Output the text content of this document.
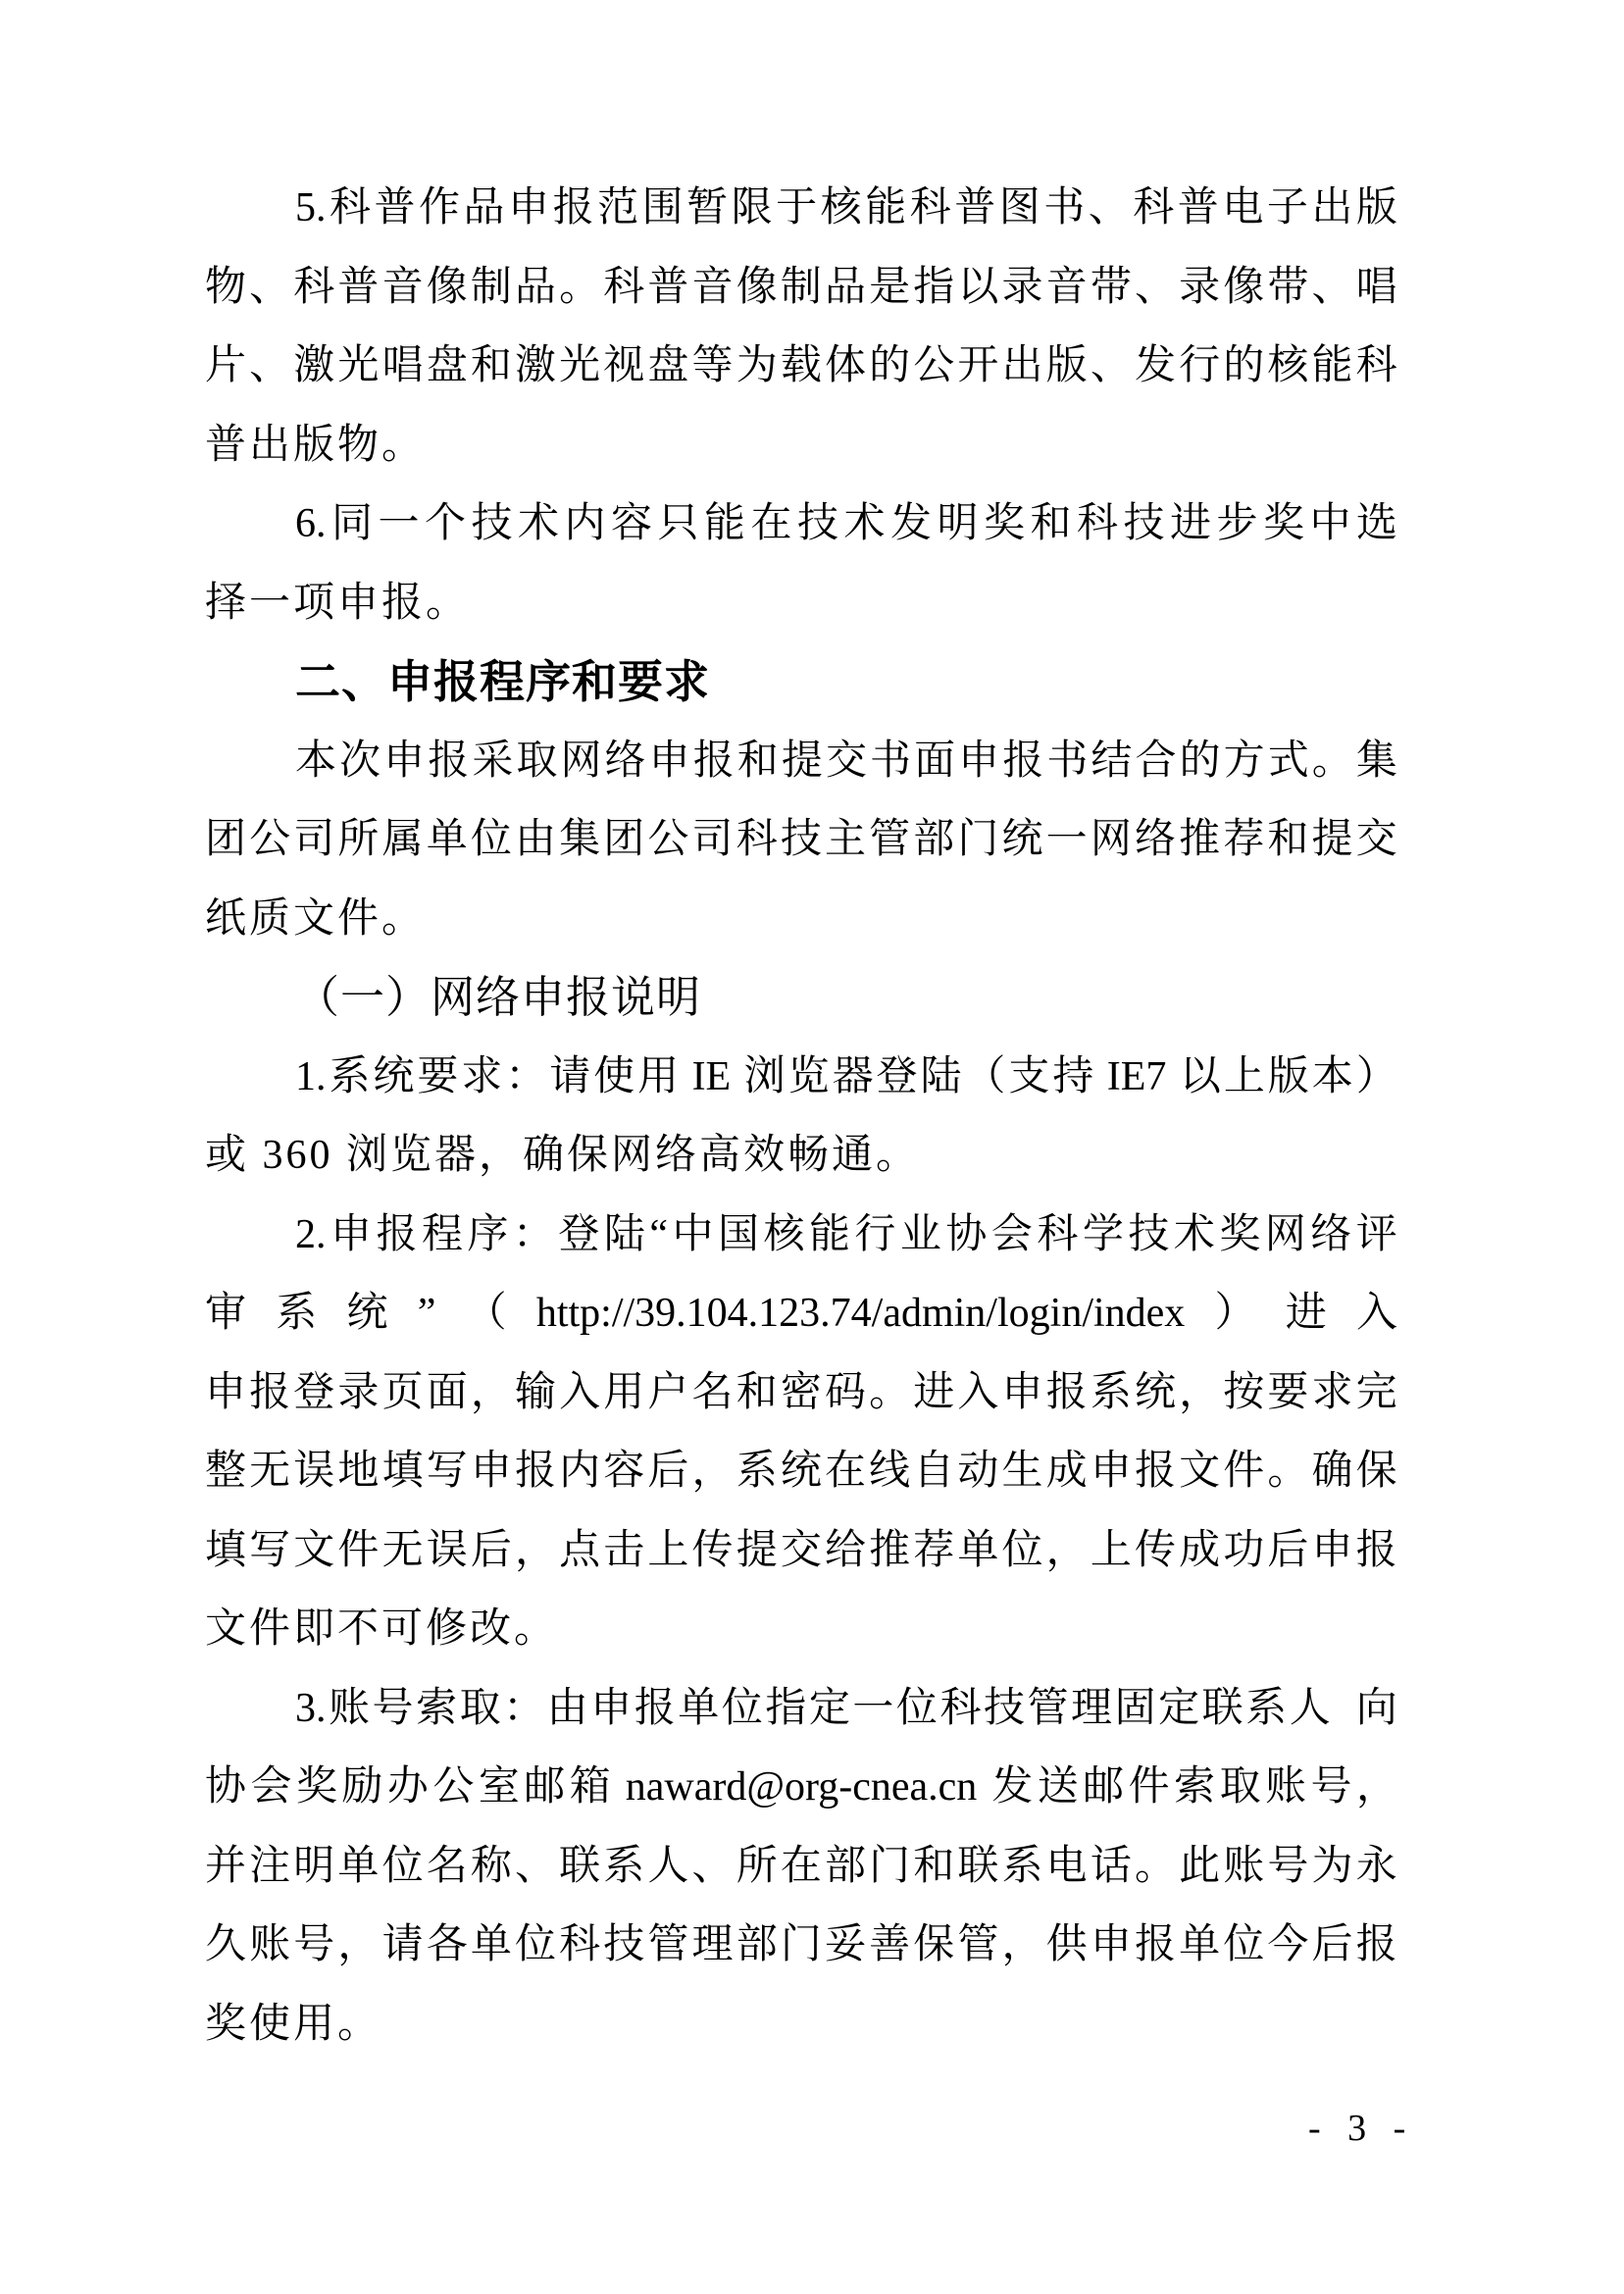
5. 科 普 作 品 申 报 范 围 暂 限 于 核 能 科 普 图 书 、 科 普 电 子 出 版
物 、 科 普 音 像 制 品 。 科 普 音 像 制 品 是 指 以 录 音 带 、 录 像 带 、 唱
片 、 激 光 唱 盘 和 激 光 视 盘 等 为 载 体 的 公 开 出 版 、 发 行 的 核 能 科
普出版物。
6. 同 一 个 技 术 内 容 只 能 在 技 术 发 明 奖 和 科 技 进 步 奖 中 选
择一项申报。
二、申报程序和要求
本 次 申 报 采 取 网 络 申 报 和 提 交 书 面 申 报 书 结 合 的 方 式 。 集
团 公 司 所 属 单 位 由 集 团 公 司 科 技 主 管 部 门 统 一 网 络 推 荐 和 提 交
纸质文件。
（一）网络申报说明
1. 系 统 要 求 ： 请 使 用 IE 浏 览 器 登 陆 （ 支 持 IE7 以 上 版 本 ）
或 360 浏览器，确保网络高效畅通。
2. 申 报 程 序 ： 登 陆 “ 中 国 核 能 行 业 协 会 科 学 技 术 奖 网 络 评
审 系 统 ” （ http://39.104.123.74/admin/login/index ） 进 入
申 报 登 录 页 面 ， 输 入 用 户 名 和 密 码 。 进 入 申 报 系 统 ， 按 要 求 完
整 无 误 地 填 写 申 报 内 容 后 ， 系 统 在 线 自 动 生 成 申 报 文 件 。 确 保
填 写 文 件 无 误 后 ， 点 击 上 传 提 交 给 推 荐 单 位 ， 上 传 成 功 后 申 报
文件即不可修改。
3. 账 号 索 取 ： 由 申 报 单 位 指 定 一 位 科 技 管 理 固 定 联 系 人
  向
协 会 奖 励 办 公 室 邮 箱 naward@org-cnea.cn 发 送 邮 件 索 取 账 号 ，
并 注 明 单 位 名 称 、 联 系 人 、 所 在 部 门 和 联 系 电 话 。 此 账 号 为 永
久 账 号 ， 请 各 单 位 科 技 管 理 部 门 妥 善 保 管 ， 供 申 报 单 位 今 后 报
奖使用。
- 3 -
